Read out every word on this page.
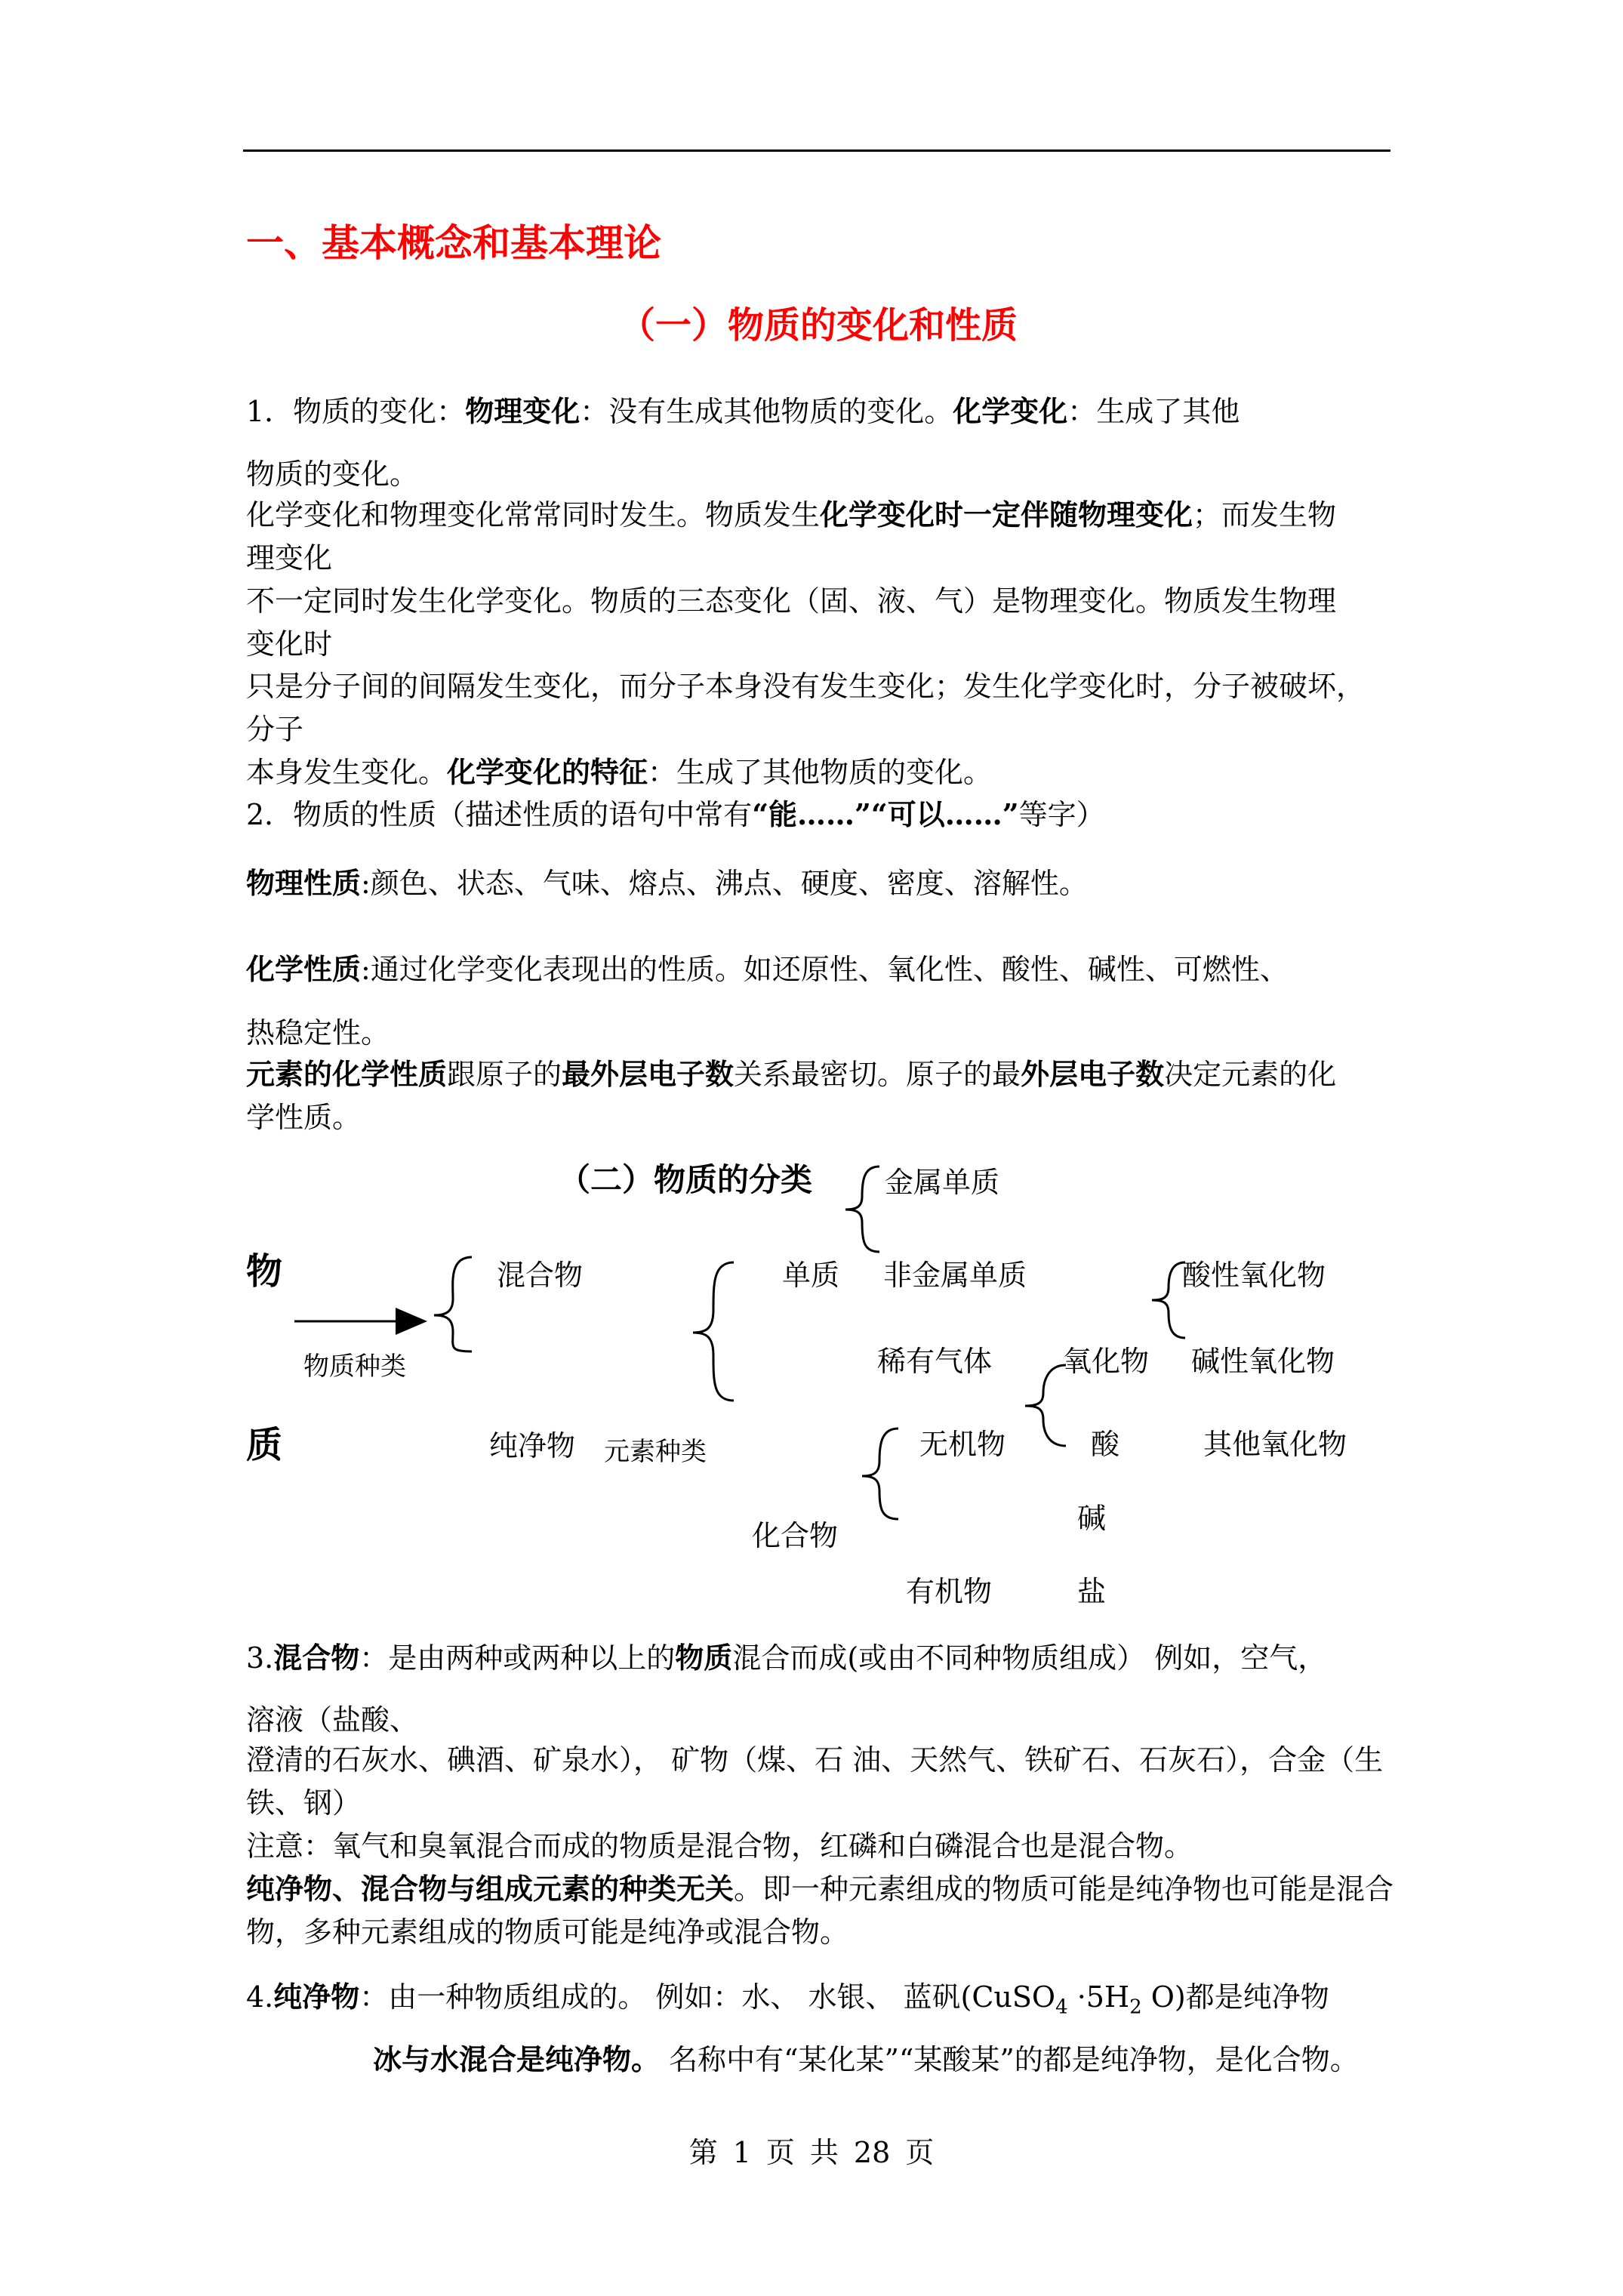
一、基本概念和基本理论
（一）物质的变化和性质
1．物质的变化：物理变化：没有生成其他物质的变化。化学变化：生成了其他
物质的变化。
化学变化和物理变化常常同时发生。物质发生化学变化时一定伴随物理变化；而发生物
理变化
不一定同时发生化学变化。物质的三态变化（固、液、气）是物理变化。物质发生物理
变化时
只是分子间的间隔发生变化，而分子本身没有发生变化；发生化学变化时，分子被破坏，
分子
本身发生变化。化学变化的特征：生成了其他物质的变化。
2．物质的性质（描述性质的语句中常有“能……”“可以……”等字）
物理性质:颜色、状态、气味、熔点、沸点、硬度、密度、溶解性。
化学性质:通过化学变化表现出的性质。如还原性、氧化性、酸性、碱性、可燃性、
热稳定性。
元素的化学性质跟原子的最外层电子数关系最密切。原子的最外层电子数决定元素的化
学性质。
（二）物质的分类
物
质
物质种类
混合物
纯净物 元素种类
单质
化合物
金属单质
非金属单质
稀有气体
无机物
有机物
氧化物
酸
碱
盐
酸性氧化物
碱性氧化物
其他氧化物
3.混合物：是由两种或两种以上的物质混合而成(或由不同种物质组成） 例如，空气，
溶液（盐酸、
澄清的石灰水、碘酒、矿泉水）， 矿物（煤、石 油、天然气、铁矿石、石灰石），合金（生
铁、钢）
注意：氧气和臭氧混合而成的物质是混合物，红磷和白磷混合也是混合物。
纯净物、混合物与组成元素的种类无关。即一种元素组成的物质可能是纯净物也可能是混合
物，多种元素组成的物质可能是纯净或混合物。
4.纯净物：由一种物质组成的。 例如：水、 水银、 蓝矾(CuSO$_4$ $\cdot 5H_2$ O)都是纯净物
冰与水混合是纯净物。 名称中有“某化某”“某酸某”的都是纯净物，是化合物。
第 1 页 共 28 页
